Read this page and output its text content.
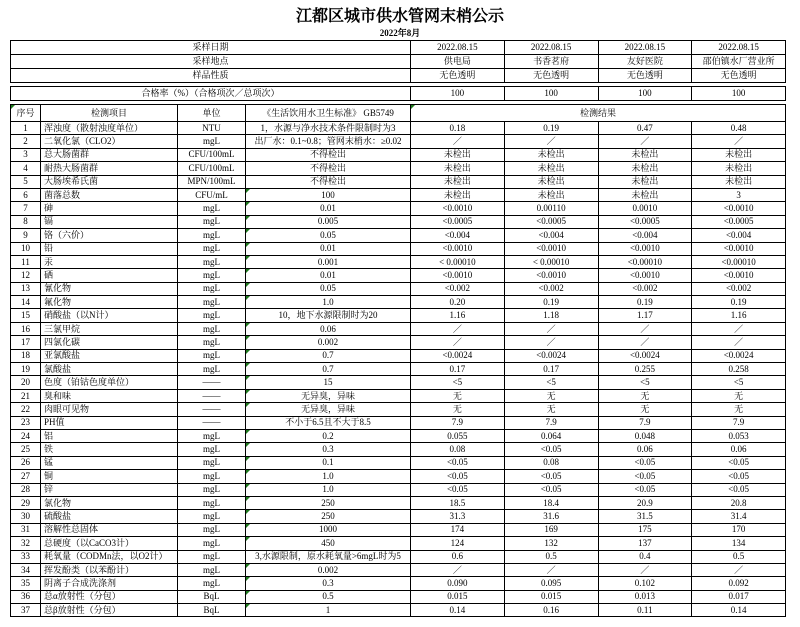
江都区城市供水管网末梢公示
2022年8月
采样日期	2022.08.15	2022.08.15	2022.08.15	2022.08.15
采样地点	供电局	书香茗府	友好医院	邵伯镇水厂营业所
样品性质	无色透明	无色透明	无色透明	无色透明
合格率（%）（合格项次／总项次）	100	100	100	100
序号	检测项目	单位	《生活饮用水卫生标准》 GB5749	检测结果			
1	浑浊度（散射浊度单位）	NTU	1，水源与净水技术条件限制时为3	0.18	0.19	0.47	0.48
2	二氧化氯（CLO2）	mgL	出厂水：0.1~0.8；管网末梢水：≥0.02	／	／	／	／
3	总大肠菌群	CFU/100mL	不得检出	未检出	未检出	未检出	未检出
4	耐热大肠菌群	CFU/100mL	不得检出	未检出	未检出	未检出	未检出
5	大肠埃希氏菌	MPN/100mL	不得检出	未检出	未检出	未检出	未检出
6	菌落总数	CFU/mL	100	未检出	未检出	未检出	3
7	砷	mgL	0.01	<0.0010	0.00110	0.0010	<0.0010
8	镉	mgL	0.005	<0.0005	<0.0005	<0.0005	<0.0005
9	铬（六价）	mgL	0.05	<0.004	<0.004	<0.004	<0.004
10	铅	mgL	0.01	<0.0010	<0.0010	<0.0010	<0.0010
11	汞	mgL	0.001	< 0.00010	< 0.00010	<0.00010	<0.00010
12	硒	mgL	0.01	<0.0010	<0.0010	<0.0010	<0.0010
13	氰化物	mgL	0.05	<0.002	<0.002	<0.002	<0.002
14	氟化物	mgL	1.0	0.20	0.19	0.19	0.19
15	硝酸盐（以N计）	mgL	10，地下水源限制时为20	1.16	1.18	1.17	1.16
16	三氯甲烷	mgL	0.06	／	／	／	／
17	四氯化碳	mgL	0.002	／	／	／	／
18	亚氯酸盐	mgL	0.7	<0.0024	<0.0024	<0.0024	<0.0024
19	氯酸盐	mgL	0.7	0.17	0.17	0.255	0.258
20	色度（铂钴色度单位）	——	15	<5	<5	<5	<5
21	臭和味	——	无异臭，异味	无	无	无	无
22	肉眼可见物	——	无异臭，异味	无	无	无	无
23	PH值	——	不小于6.5且不大于8.5	7.9	7.9	7.9	7.9
24	铝	mgL	0.2	0.055	0.064	0.048	0.053
25	铁	mgL	0.3	0.08	<0.05	0.06	0.06
26	锰	mgL	0.1	<0.05	0.08	<0.05	<0.05
27	铜	mgL	1.0	<0.05	<0.05	<0.05	<0.05
28	锌	mgL	1.0	<0.05	<0.05	<0.05	<0.05
29	氯化物	mgL	250	18.5	18.4	20.9	20.8
30	硫酸盐	mgL	250	31.3	31.6	31.5	31.4
31	溶解性总固体	mgL	1000	174	169	175	170
32	总硬度（以CaCO3计）	mgL	450	124	132	137	134
33	耗氧量（CODMn法，以O2计）	mgL	3,水源限制，原水耗氧量>6mgL时为5	0.6	0.5	0.4	0.5
34	挥发酚类（以苯酚计）	mgL	0.002	／	／	／	／
35	阴离子合成洗涤剂	mgL	0.3	0.090	0.095	0.102	0.092
36	总α放射性（分包）	BqL	0.5	0.015	0.015	0.013	0.017
37	总β放射性（分包）	BqL	1	0.14	0.16	0.11	0.14
